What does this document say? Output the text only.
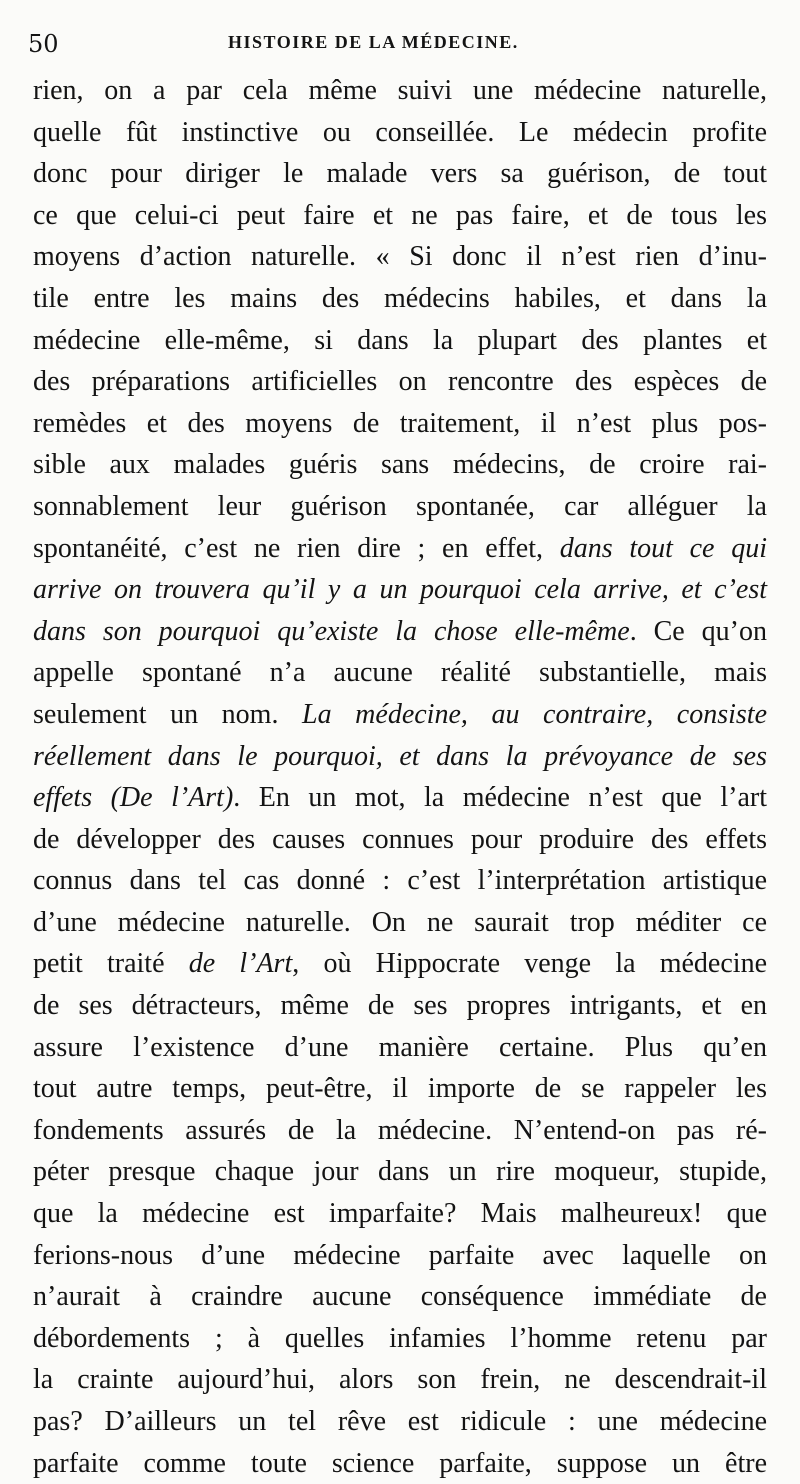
50	HISTOIRE DE LA MÉDECINE.
rien, on a par cela même suivi une médecine naturelle,
quelle fût instinctive ou conseillée. Le médecin profite
donc pour diriger le malade vers sa guérison, de tout
ce que celui-ci peut faire et ne pas faire, et de tous les
moyens d’action naturelle. « Si donc il n’est rien d’inu-
tile entre les mains des médecins habiles, et dans la
médecine elle-même, si dans la plupart des plantes et
des préparations artificielles on rencontre des espèces de
remèdes et des moyens de traitement, il n’est plus pos-
sible aux malades guéris sans médecins, de croire rai-
sonnablement leur guérison spontanée, car alléguer la
spontanéité, c’est ne rien dire ; en effet, dans tout ce qui
arrive on trouvera qu’il y a un pourquoi cela arrive, et c’est
dans son pourquoi qu’existe la chose elle-même. Ce qu’on
appelle spontané n’a aucune réalité substantielle, mais
seulement un nom. La médecine, au contraire, consiste
réellement dans le pourquoi, et dans la prévoyance de ses
effets (De l’Art). En un mot, la médecine n’est que l’art
de développer des causes connues pour produire des effets
connus dans tel cas donné : c’est l’interprétation artistique
d’une médecine naturelle. On ne saurait trop méditer ce
petit traité de l’Art, où Hippocrate venge la médecine
de ses détracteurs, même de ses propres intrigants, et en
assure l’existence d’une manière certaine. Plus qu’en
tout autre temps, peut-être, il importe de se rappeler les
fondements assurés de la médecine. N’entend-on pas ré-
péter presque chaque jour dans un rire moqueur, stupide,
que la médecine est imparfaite? Mais malheureux! que
ferions-nous d’une médecine parfaite avec laquelle on
n’aurait à craindre aucune conséquence immédiate de
débordements ; à quelles infamies l’homme retenu par
la crainte aujourd’hui, alors son frein, ne descendrait-il
pas? D’ailleurs un tel rêve est ridicule : une médecine
parfaite comme toute science parfaite, suppose un être
